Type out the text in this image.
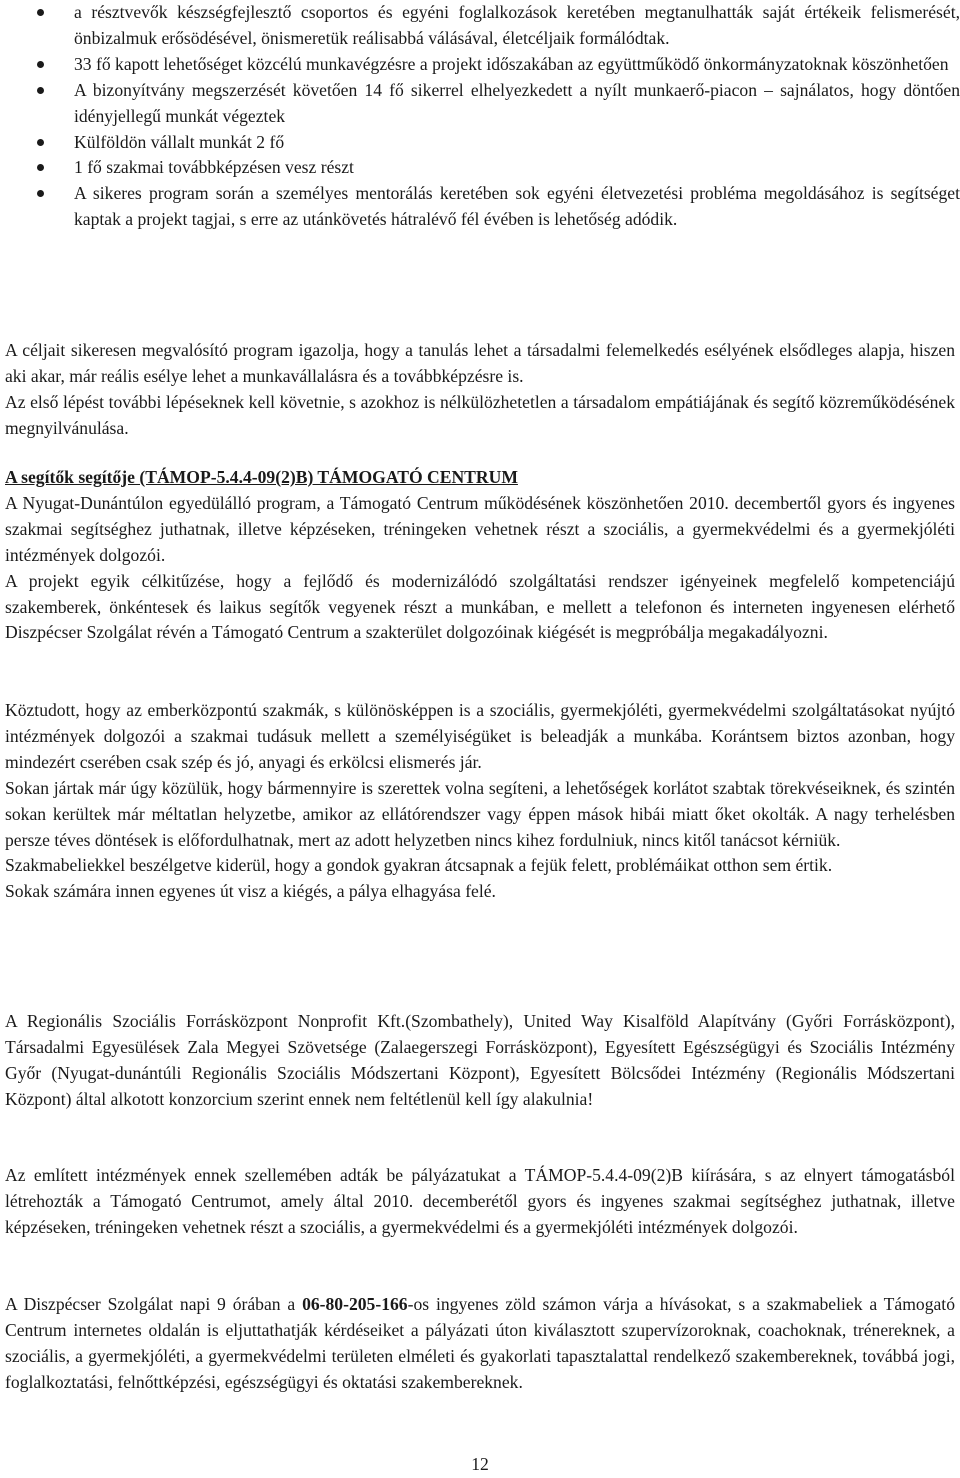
a résztvevők készségfejlesztő csoportos és egyéni foglalkozások keretében megtanulhatták saját értékeik felismerését, önbizalmuk erősödésével, önismeretük reálisabbá válásával, életcéljaik formálódtak.
33 fő kapott lehetőséget közcélú munkavégzésre a projekt időszakában az együttműködő önkormányzatoknak köszönhetően
A bizonyítvány megszerzését követően 14 fő sikerrel elhelyezkedett a nyílt munkaerő-piacon – sajnálatos, hogy döntően idényjellegű munkát végeztek
Külföldön vállalt munkát 2 fő
1 fő szakmai továbbképzésen vesz részt
A sikeres program során a személyes mentorálás keretében sok egyéni életvezetési probléma megoldásához is segítséget kaptak a projekt tagjai, s erre az utánkövetés hátralévő fél évében is lehetőség adódik.

A céljait sikeresen megvalósító program igazolja, hogy a tanulás lehet a társadalmi felemelkedés esélyének elsődleges alapja, hiszen aki akar, már reális esélye lehet a munkavállalásra és a továbbképzésre is.

Az első lépést további lépéseknek kell követnie, s azokhoz is nélkülözhetetlen a társadalom empátiájának és segítő közreműködésének megnyilvánulása.

A segítők segítője (TÁMOP-5.4.4-09(2)B) TÁMOGATÓ CENTRUM

A Nyugat-Dunántúlon egyedülálló program, a Támogató Centrum működésének köszönhetően 2010. decembertől gyors és ingyenes szakmai segítséghez juthatnak, illetve képzéseken, tréningeken vehetnek részt a szociális, a gyermekvédelmi és a gyermekjóléti intézmények dolgozói.

A projekt egyik célkitűzése, hogy a fejlődő és modernizálódó szolgáltatási rendszer igényeinek megfelelő kompetenciájú szakemberek, önkéntesek és laikus segítők vegyenek részt a munkában, e mellett a telefonon és interneten ingyenesen elérhető Diszpécser Szolgálat révén a Támogató Centrum a szakterület dolgozóinak kiégését is megpróbálja megakadályozni.

Köztudott, hogy az emberközpontú szakmák, s különösképpen is a szociális, gyermekjóléti, gyermekvédelmi szolgáltatásokat nyújtó intézmények dolgozói a szakmai tudásuk mellett a személyiségüket is beleadják a munkába. Korántsem biztos azonban, hogy mindezért cserében csak szép és jó, anyagi és erkölcsi elismerés jár.

Sokan jártak már úgy közülük, hogy bármennyire is szerettek volna segíteni, a lehetőségek korlátot szabtak törekvéseiknek, és szintén sokan kerültek már méltatlan helyzetbe, amikor az ellátórendszer vagy éppen mások hibái miatt őket okolták. A nagy terhelésben persze téves döntések is előfordulhatnak, mert az adott helyzetben nincs kihez fordulniuk, nincs kitől tanácsot kérniük.

Szakmabeliekkel beszélgetve kiderül, hogy a gondok gyakran átcsapnak a fejük felett, problémáikat otthon sem értik.

Sokak számára innen egyenes út visz a kiégés, a pálya elhagyása felé.

A Regionális Szociális Forrásközpont Nonprofit Kft.(Szombathely), United Way Kisalföld Alapítvány (Győri Forrásközpont), Társadalmi Egyesülések Zala Megyei Szövetsége (Zalaegerszegi Forrásközpont), Egyesített Egészségügyi és Szociális Intézmény Győr (Nyugat-dunántúli Regionális Szociális Módszertani Központ), Egyesített Bölcsődei Intézmény (Regionális Módszertani Központ) által alkotott konzorcium szerint ennek nem feltétlenül kell így alakulnia!

Az említett intézmények ennek szellemében adták be pályázatukat a TÁMOP-5.4.4-09(2)B kiírására, s az elnyert támogatásból létrehozták a Támogató Centrumot, amely által 2010. decemberétől gyors és ingyenes szakmai segítséghez juthatnak, illetve képzéseken, tréningeken vehetnek részt a szociális, a gyermekvédelmi és a gyermekjóléti intézmények dolgozói.

A Diszpécser Szolgálat napi 9 órában a 06-80-205-166-os ingyenes zöld számon várja a hívásokat, s a szakmabeliek a Támogató Centrum internetes oldalán is eljuttathatják kérdéseiket a pályázati úton kiválasztott szupervízoroknak, coachoknak, trénereknek, a szociális, a gyermekjóléti, a gyermekvédelmi területen elméleti és gyakorlati tapasztalattal rendelkező szakembereknek, továbbá jogi, foglalkoztatási, felnőttképzési, egészségügyi és oktatási szakembereknek.

12
